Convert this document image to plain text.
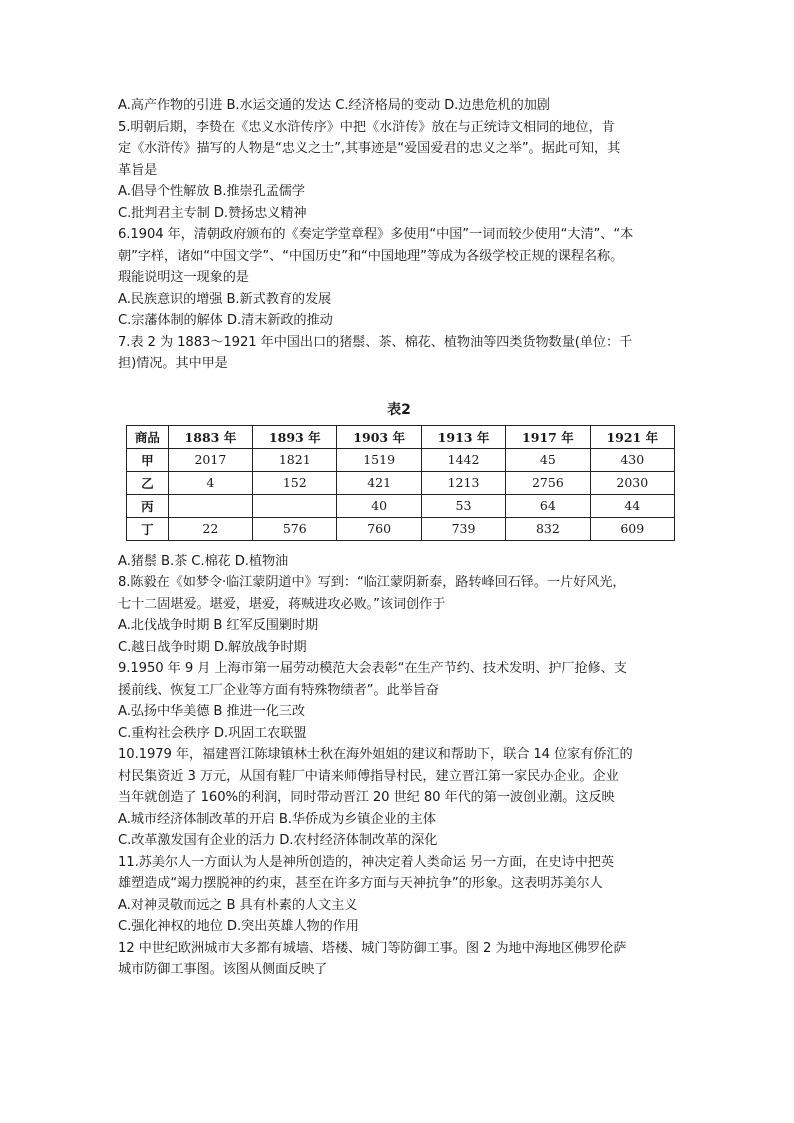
A.高产作物的引进 B.水运交通的发达 C.经济格局的变动 D.边患危机的加剧
5.明朝后期，李贽在《忠义水浒传序》中把《水浒传》放在与正统诗文相同的地位，肯
定《水浒传》描写的人物是“忠义之士”,其事迹是“爱国爱君的忠义之举”。据此可知，其
革旨是
A.倡导个性解放 B.推崇孔孟儒学
C.批判君主专制 D.赞扬忠义精神
6.1904 年，清朝政府颁布的《奏定学堂章程》多使用“中国”一词而较少使用“大清”、“本
朝”字样，诸如“中国文学”、“中国历史”和“中国地理”等成为各级学校正规的课程名称。
瑕能说明这一现象的是
A.民族意识的增强 B.新式教育的发展
C.宗藩体制的解体 D.清末新政的推动
7.表 2 为 1883～1921 年中国出口的猪鬃、茶、棉花、植物油等四类货物数量(单位：千
担)情况。其中甲是
表2
商品	1883 年	1893 年	1903 年	1913 年	1917 年	1921 年
甲	2017	1821	1519	1442	45	430
乙	4	152	421	1213	2756	2030
丙			40	53	64	44
丁	22	576	760	739	832	609
A.猪鬃 B.茶 C.棉花 D.植物油
8.陈毅在《如梦令·临江蒙阴道中》写到：“临江蒙阴新泰，路转峰回石铎。一片好风光，
七十二固堪爱。堪爱，堪爱，蒋贼进攻必败。”该词创作于
A.北伐战争时期 B 红军反围剿时期
C.越日战争时期 D.解放战争时期
9.1950 年 9 月 上海市第一届劳动模范大会表彰“在生产节约、技术发明、护厂抢修、支
援前线、恢复工厂企业等方面有特殊物绩者”。此举旨奋
A.弘扬中华美德 B 推进一化三改
C.重构社会秩序 D.巩固工农联盟
10.1979 年，福建晋江陈埭镇林士秋在海外姐姐的建议和帮助下，联合 14 位家有侨汇的
村民集资近 3 万元，从国有鞋厂中请来师傅指导村民，建立晋江第一家民办企业。企业
当年就创造了 160%的利润，同时带动晋江 20 世纪 80 年代的第一波创业潮。这反映
A.城市经济体制改革的开启 B.华侨成为乡镇企业的主体
C.改革激发国有企业的活力 D.农村经济体制改革的深化
11.苏美尔人一方面认为人是神所创造的，神决定着人类命运 另一方面，在史诗中把英
雄塑造成“竭力摆脱神的约束，甚至在许多方面与天神抗争”的形象。这表明苏美尔人
A.对神灵敬而远之 B 具有朴素的人文主义
C.强化神权的地位 D.突出英雄人物的作用
12 中世纪欧洲城市大多都有城墙、塔楼、城门等防御工事。图 2 为地中海地区佛罗伦萨
城市防御工事图。该图从侧面反映了
